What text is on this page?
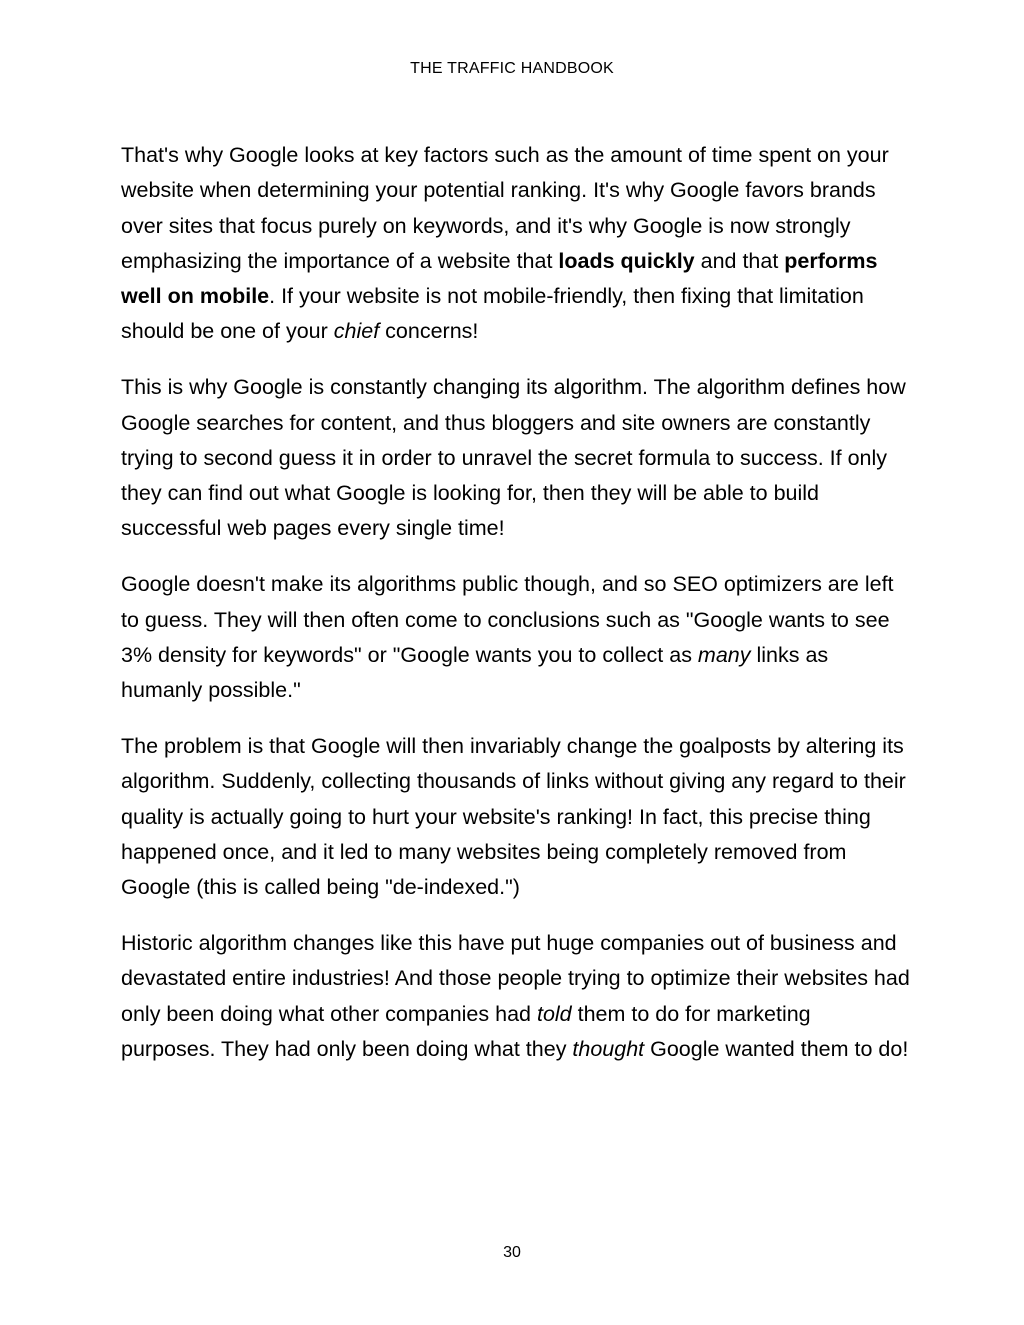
THE TRAFFIC HANDBOOK

That's why Google looks at key factors such as the amount of time spent on your website when determining your potential ranking. It's why Google favors brands over sites that focus purely on keywords, and it's why Google is now strongly emphasizing the importance of a website that loads quickly and that performs well on mobile. If your website is not mobile-friendly, then fixing that limitation should be one of your chief concerns!

This is why Google is constantly changing its algorithm. The algorithm defines how Google searches for content, and thus bloggers and site owners are constantly trying to second guess it in order to unravel the secret formula to success. If only they can find out what Google is looking for, then they will be able to build successful web pages every single time!

Google doesn't make its algorithms public though, and so SEO optimizers are left to guess. They will then often come to conclusions such as "Google wants to see 3% density for keywords" or "Google wants you to collect as many links as humanly possible."

The problem is that Google will then invariably change the goalposts by altering its algorithm. Suddenly, collecting thousands of links without giving any regard to their quality is actually going to hurt your website's ranking! In fact, this precise thing happened once, and it led to many websites being completely removed from Google (this is called being "de-indexed.")

Historic algorithm changes like this have put huge companies out of business and devastated entire industries! And those people trying to optimize their websites had only been doing what other companies had told them to do for marketing purposes. They had only been doing what they thought Google wanted them to do!

30
